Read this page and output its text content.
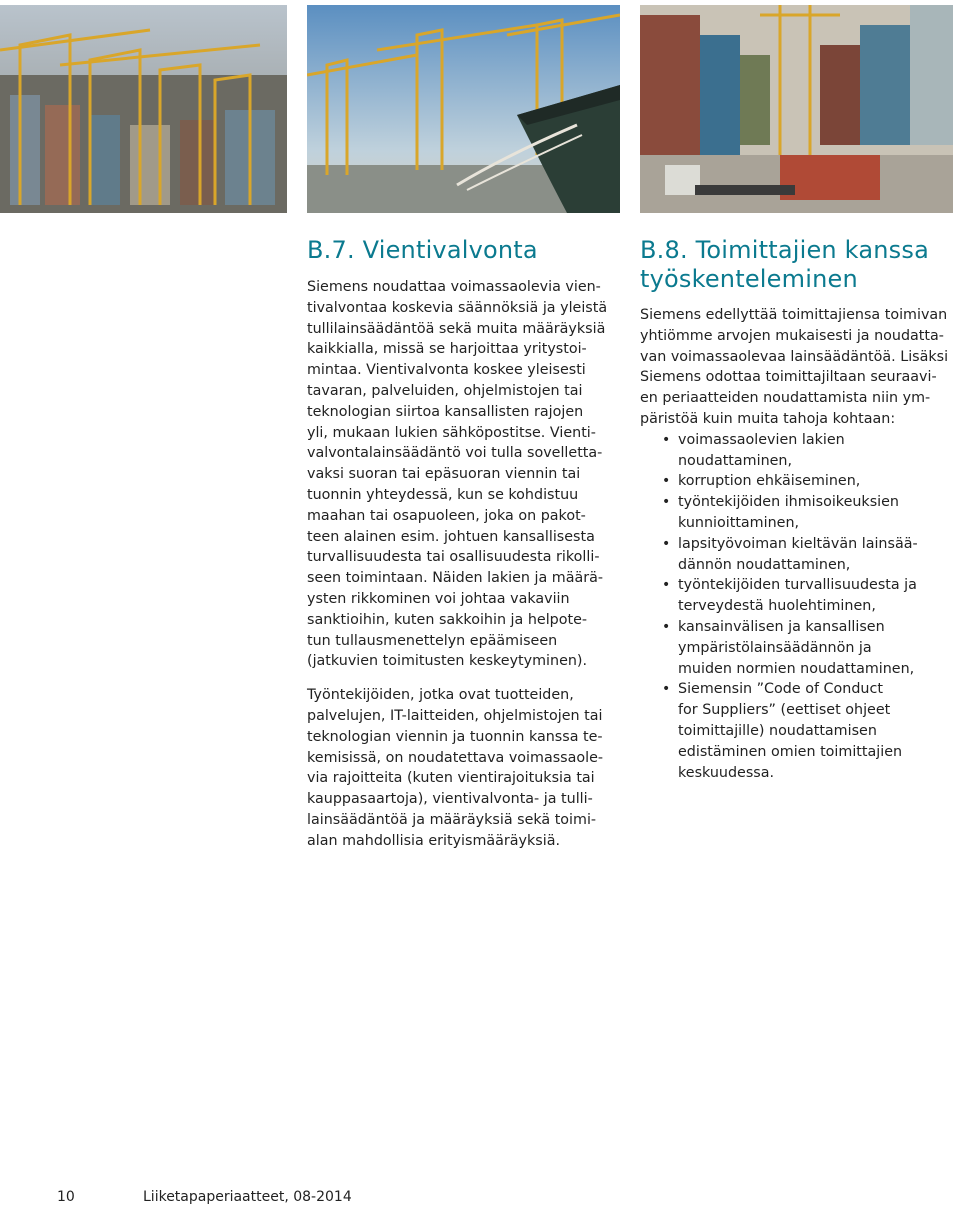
B.7. Vientivalvonta

Siemens noudattaa voimassaolevia vien-
tivalvontaa koskevia säännöksiä ja yleistä
tullilainsäädäntöä sekä muita määräyksiä
kaikkialla, missä se harjoittaa yritystoi-
mintaa. Vientivalvonta koskee yleisesti
tavaran, palveluiden, ohjelmistojen tai
teknologian siirtoa kansallisten rajojen
yli, mukaan lukien sähköpostitse. Vienti-
valvontalainsäädäntö voi tulla sovelletta-
vaksi suoran tai epäsuoran viennin tai
tuonnin yhteydessä, kun se kohdistuu
maahan tai osapuoleen, joka on pakot-
teen alainen esim. johtuen kansallisesta
turvallisuudesta tai osallisuudesta rikolli-
seen toimintaan. Näiden lakien ja määrä-
ysten rikkominen voi johtaa vakaviin
sanktioihin, kuten sakkoihin ja helpote-
tun tullausmenettelyn epäämiseen
(jatkuvien toimitusten keskeytyminen).

Työntekijöiden, jotka ovat tuotteiden,
palvelujen, IT-laitteiden, ohjelmistojen tai
teknologian viennin ja tuonnin kanssa te-
kemisissä, on noudatettava voimassaole-
via rajoitteita (kuten vientirajoituksia tai
kauppasaartoja), vientivalvonta- ja tulli-
lainsäädäntöä ja määräyksiä sekä toimi-
alan mahdollisia erityismääräyksiä.

B.8. Toimittajien kanssa
työskenteleminen

Siemens edellyttää toimittajiensa toimivan
yhtiömme arvojen mukaisesti ja noudatta-
van voimassaolevaa lainsäädäntöä. Lisäksi
Siemens odottaa toimittajiltaan seuraavi-
en periaatteiden noudattamista niin ym-
päristöä kuin muita tahoja kohtaan:

• voimassaolevien lakien
noudattaminen,
• korruption ehkäiseminen,
• työntekijöiden ihmisoikeuksien
kunnioittaminen,
• lapsityövoiman kieltävän lainsää-
dännön noudattaminen,
• työntekijöiden turvallisuudesta ja
terveydestä huolehtiminen,
• kansainvälisen ja kansallisen
ympäristölainsäädännön ja
muiden normien noudattaminen,
• Siemensin ”Code of Conduct
for Suppliers” (eettiset ohjeet
toimittajille) noudattamisen
edistäminen omien toimittajien
keskuudessa.
10	Liiketapaperiaatteet, 08-2014
